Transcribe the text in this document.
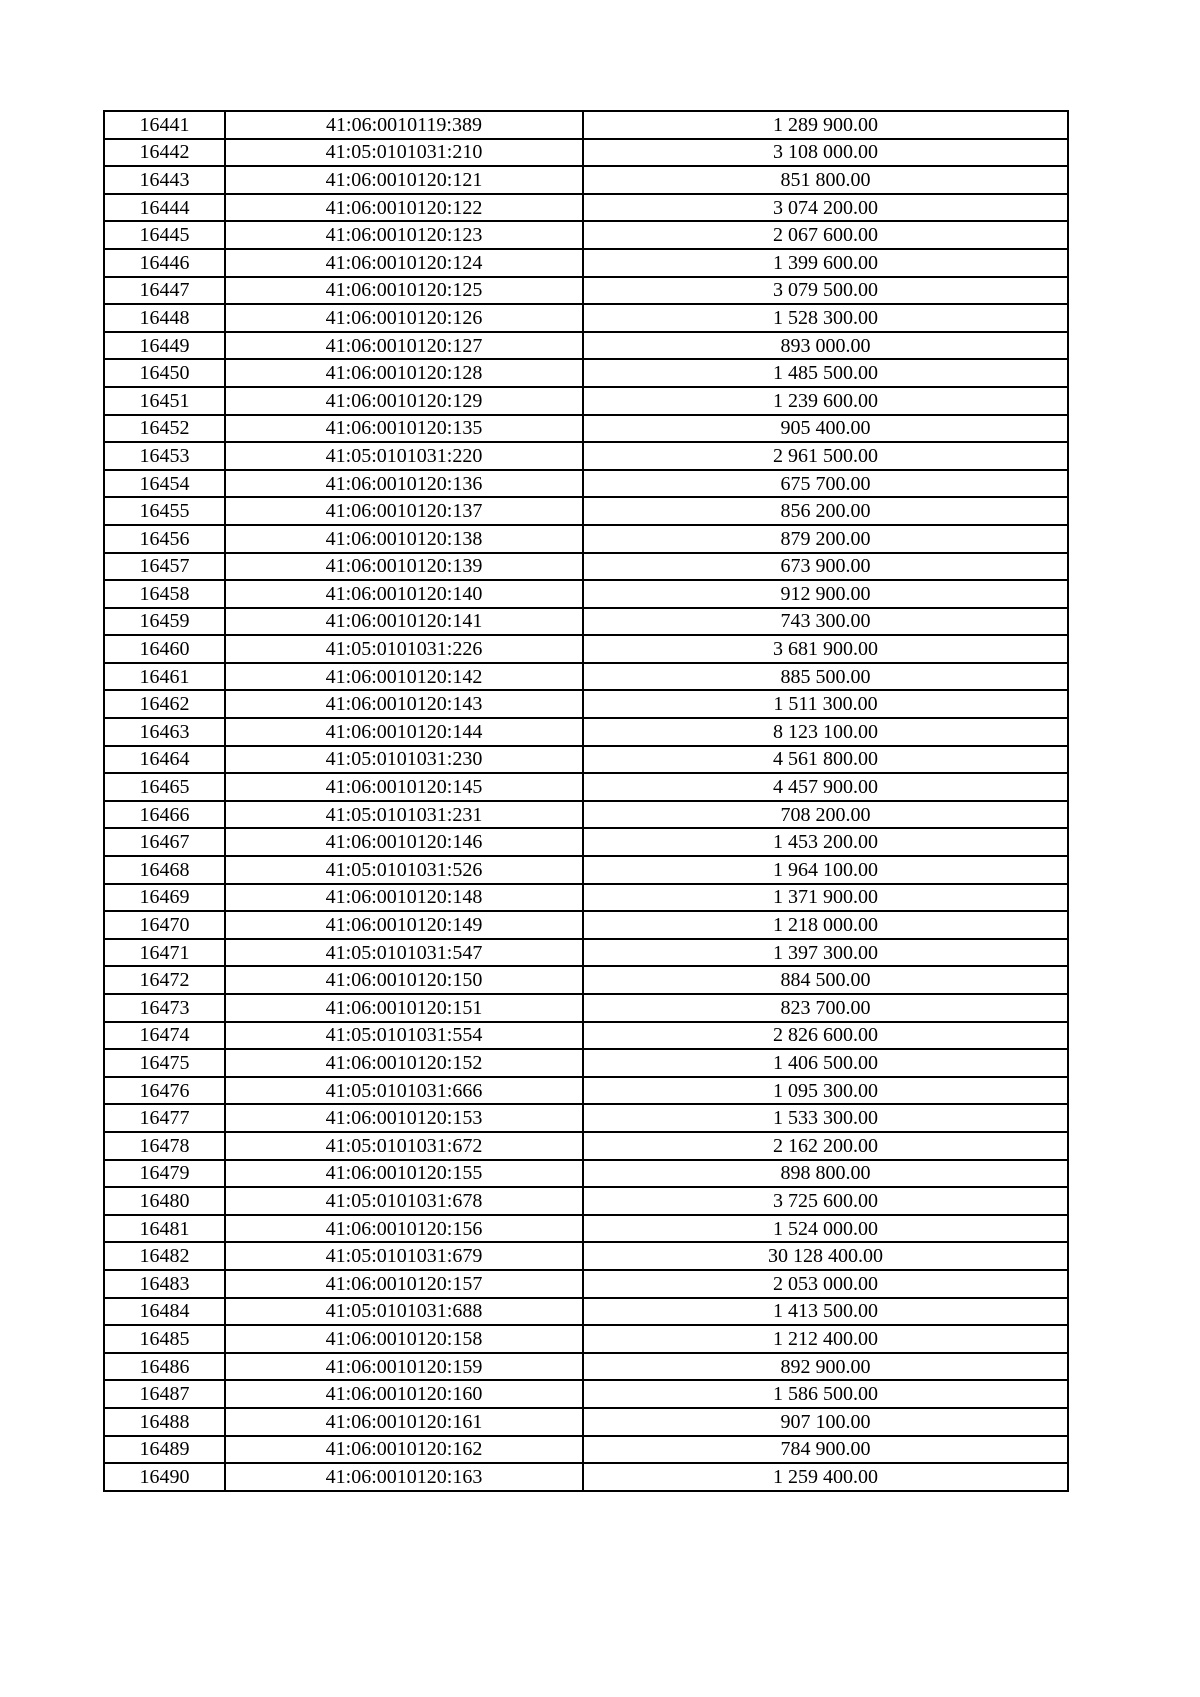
16441	41:06:0010119:389	1 289 900.00
16442	41:05:0101031:210	3 108 000.00
16443	41:06:0010120:121	851 800.00
16444	41:06:0010120:122	3 074 200.00
16445	41:06:0010120:123	2 067 600.00
16446	41:06:0010120:124	1 399 600.00
16447	41:06:0010120:125	3 079 500.00
16448	41:06:0010120:126	1 528 300.00
16449	41:06:0010120:127	893 000.00
16450	41:06:0010120:128	1 485 500.00
16451	41:06:0010120:129	1 239 600.00
16452	41:06:0010120:135	905 400.00
16453	41:05:0101031:220	2 961 500.00
16454	41:06:0010120:136	675 700.00
16455	41:06:0010120:137	856 200.00
16456	41:06:0010120:138	879 200.00
16457	41:06:0010120:139	673 900.00
16458	41:06:0010120:140	912 900.00
16459	41:06:0010120:141	743 300.00
16460	41:05:0101031:226	3 681 900.00
16461	41:06:0010120:142	885 500.00
16462	41:06:0010120:143	1 511 300.00
16463	41:06:0010120:144	8 123 100.00
16464	41:05:0101031:230	4 561 800.00
16465	41:06:0010120:145	4 457 900.00
16466	41:05:0101031:231	708 200.00
16467	41:06:0010120:146	1 453 200.00
16468	41:05:0101031:526	1 964 100.00
16469	41:06:0010120:148	1 371 900.00
16470	41:06:0010120:149	1 218 000.00
16471	41:05:0101031:547	1 397 300.00
16472	41:06:0010120:150	884 500.00
16473	41:06:0010120:151	823 700.00
16474	41:05:0101031:554	2 826 600.00
16475	41:06:0010120:152	1 406 500.00
16476	41:05:0101031:666	1 095 300.00
16477	41:06:0010120:153	1 533 300.00
16478	41:05:0101031:672	2 162 200.00
16479	41:06:0010120:155	898 800.00
16480	41:05:0101031:678	3 725 600.00
16481	41:06:0010120:156	1 524 000.00
16482	41:05:0101031:679	30 128 400.00
16483	41:06:0010120:157	2 053 000.00
16484	41:05:0101031:688	1 413 500.00
16485	41:06:0010120:158	1 212 400.00
16486	41:06:0010120:159	892 900.00
16487	41:06:0010120:160	1 586 500.00
16488	41:06:0010120:161	907 100.00
16489	41:06:0010120:162	784 900.00
16490	41:06:0010120:163	1 259 400.00
